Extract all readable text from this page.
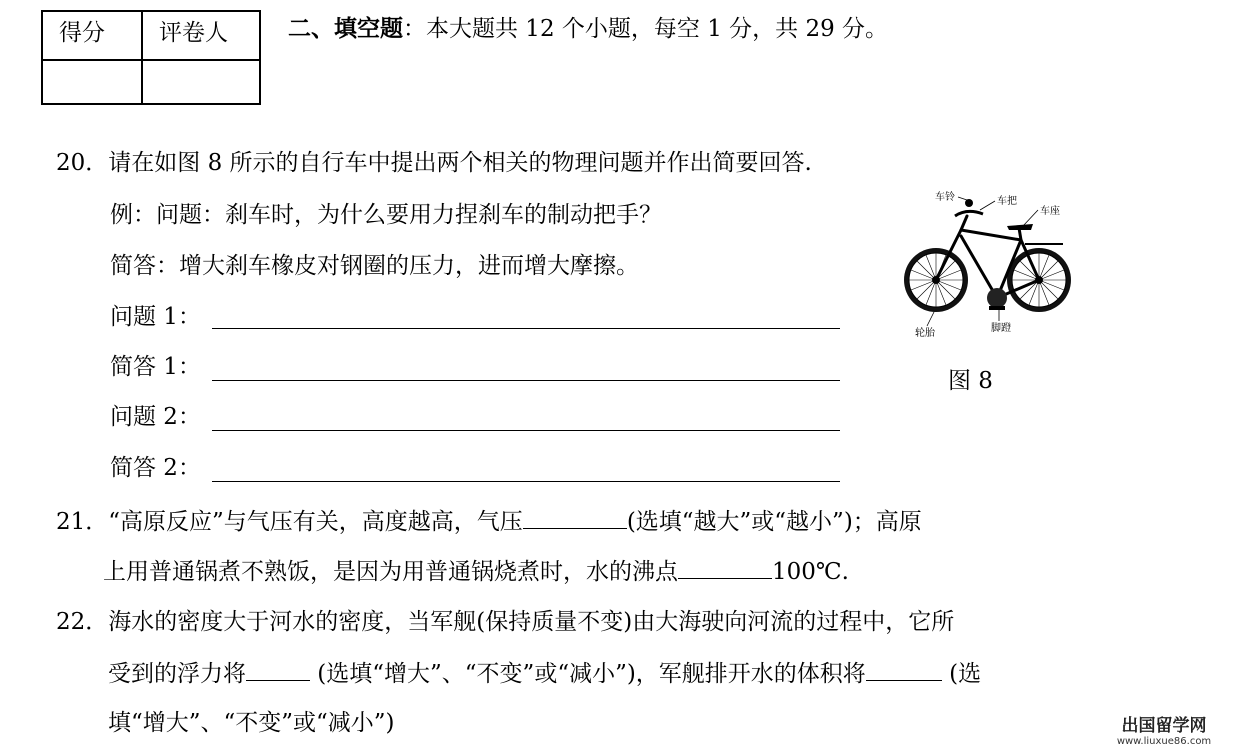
得分 评卷人	二、填空题：本大题共 12 个小题，每空 1 分，共 29 分。
20．请在如图 8 所示的自行车中提出两个相关的物理问题并作出简要回答.
例：问题：刹车时，为什么要用力捏刹车的制动把手？
简答：增大刹车橡皮对钢圈的压力，进而增大摩擦。
问题 1：
简答 1：
问题 2：
简答 2：
车铃	车把
车座
轮胎	脚蹬
图 8
21．“高原反应”与气压有关，高度越高，气压	(选填“越大”或“越小”)；高原
上用普通锅煮不熟饭，是因为用普通锅烧煮时，水的沸点	100℃.
22．海水的密度大于河水的密度，当军舰(保持质量不变)由大海驶向河流的过程中，它所
受到的浮力将	(选填“增大”、“不变”或“减小”)，军舰排开水的体积将	(选
填“增大”、“不变”或“减小”)	出国留学网
www.liuxue86.com
